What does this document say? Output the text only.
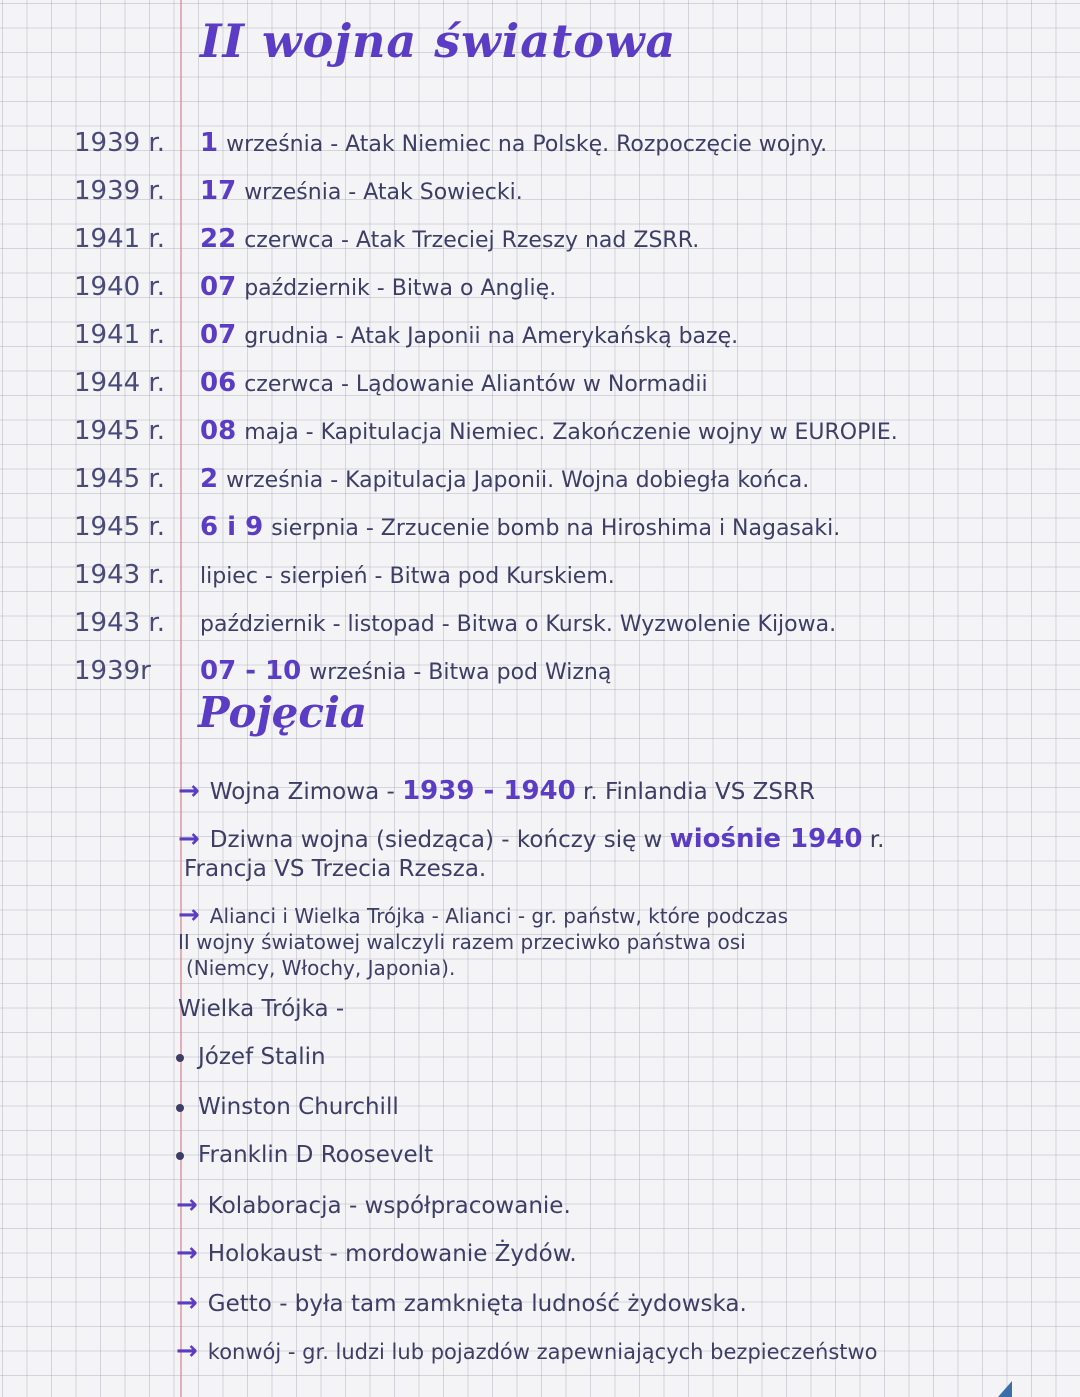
II wojna światowa
1939 r.	1 września - Atak Niemiec na Polskę. Rozpoczęcie wojny.
1939 r.	17 września - Atak Sowiecki.
1941 r.	22 czerwca - Atak Trzeciej Rzeszy nad ZSRR.
1940 r.	07 październik - Bitwa o Anglię.
1941 r.	07 grudnia - Atak Japonii na Amerykańską bazę.
1944 r.	06 czerwca - Lądowanie Aliantów w Normadii
1945 r.	08 maja - Kapitulacja Niemiec. Zakończenie wojny w EUROPIE.
1945 r.	2 września - Kapitulacja Japonii. Wojna dobiegła końca.
1945 r.	6 i 9 sierpnia - Zrzucenie bomb na Hiroshima i Nagasaki.
1943 r.	lipiec - sierpień - Bitwa pod Kurskiem.
1943 r.	październik - listopad - Bitwa o Kursk. Wyzwolenie Kijowa.
1939r	07 - 10 września - Bitwa pod Wizną
Pojęcia
→ Wojna Zimowa - 1939 - 1940 r. Finlandia VS ZSRR
→ Dziwna wojna (siedząca) - kończy się w wiośnie 1940 r.
Francja VS Trzecia Rzesza.
→ Alianci i Wielka Trójka - Alianci - gr. państw, które podczas
II wojny światowej walczyli razem przeciwko państwa osi
(Niemcy, Włochy, Japonia).
Wielka Trójka -
Józef Stalin
Winston Churchill
Franklin D Roosevelt
→ Kolaboracja - współpracowanie.
→ Holokaust - mordowanie Żydów.
→ Getto - była tam zamknięta ludność żydowska.
→ konwój - gr. ludzi lub pojazdów zapewniających bezpieczeństwo
